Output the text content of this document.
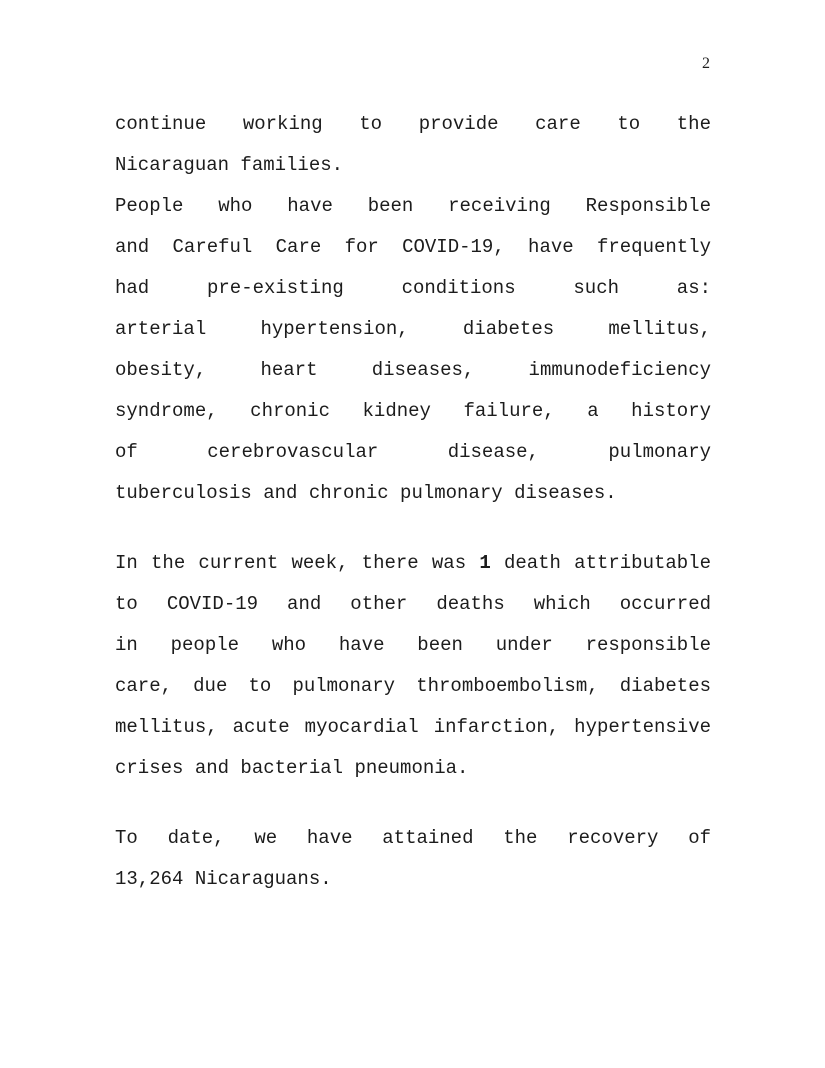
2
continue working to provide care to the
Nicaraguan families.
People who have been receiving Responsible
and Careful Care for COVID-19, have frequently
had pre-existing conditions such as:
arterial hypertension, diabetes mellitus,
obesity, heart diseases, immunodeficiency
syndrome, chronic kidney failure, a history
of cerebrovascular disease, pulmonary
tuberculosis and chronic pulmonary diseases.
In the current week, there was 1 death attributable
to COVID-19 and other deaths which occurred
in people who have been under responsible
care, due to pulmonary thromboembolism, diabetes
mellitus, acute myocardial infarction, hypertensive
crises and bacterial pneumonia.
To date, we have attained the recovery of
13,264 Nicaraguans.
